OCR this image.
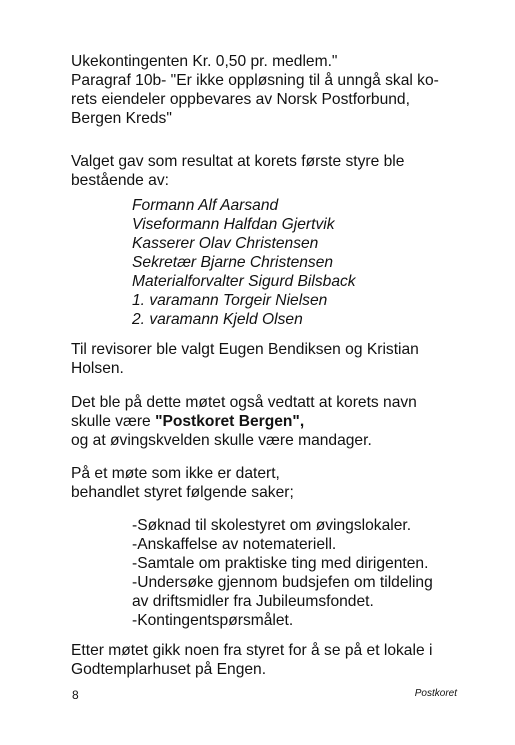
Ukekontingenten Kr. 0,50 pr. medlem."
Paragraf 10b- "Er ikke oppløsning til å unngå skal ko-
rets eiendeler oppbevares av Norsk Postforbund,
Bergen Kreds"

Valget gav som resultat at korets første styre ble
bestående av:

Formann Alf Aarsand
Viseformann Halfdan Gjertvik
Kasserer Olav Christensen
Sekretær Bjarne Christensen
Materialforvalter Sigurd Bilsback
1. varamann Torgeir Nielsen
2. varamann Kjeld Olsen

Til revisorer ble valgt Eugen Bendiksen og Kristian
Holsen.

Det ble på dette møtet også vedtatt at korets navn
skulle være "Postkoret Bergen",
og at øvingskvelden skulle være mandager.

På et møte som ikke er datert,
behandlet styret følgende saker;

-Søknad til skolestyret om øvingslokaler.
-Anskaffelse av notemateriell.
-Samtale om praktiske ting med dirigenten.
-Undersøke gjennom budsjefen om tildeling
av driftsmidler fra Jubileumsfondet.
-Kontingentspørsmålet.

Etter møtet gikk noen fra styret for å se på et lokale i
Godtemplarhuset på Engen.

8	Postkoret
